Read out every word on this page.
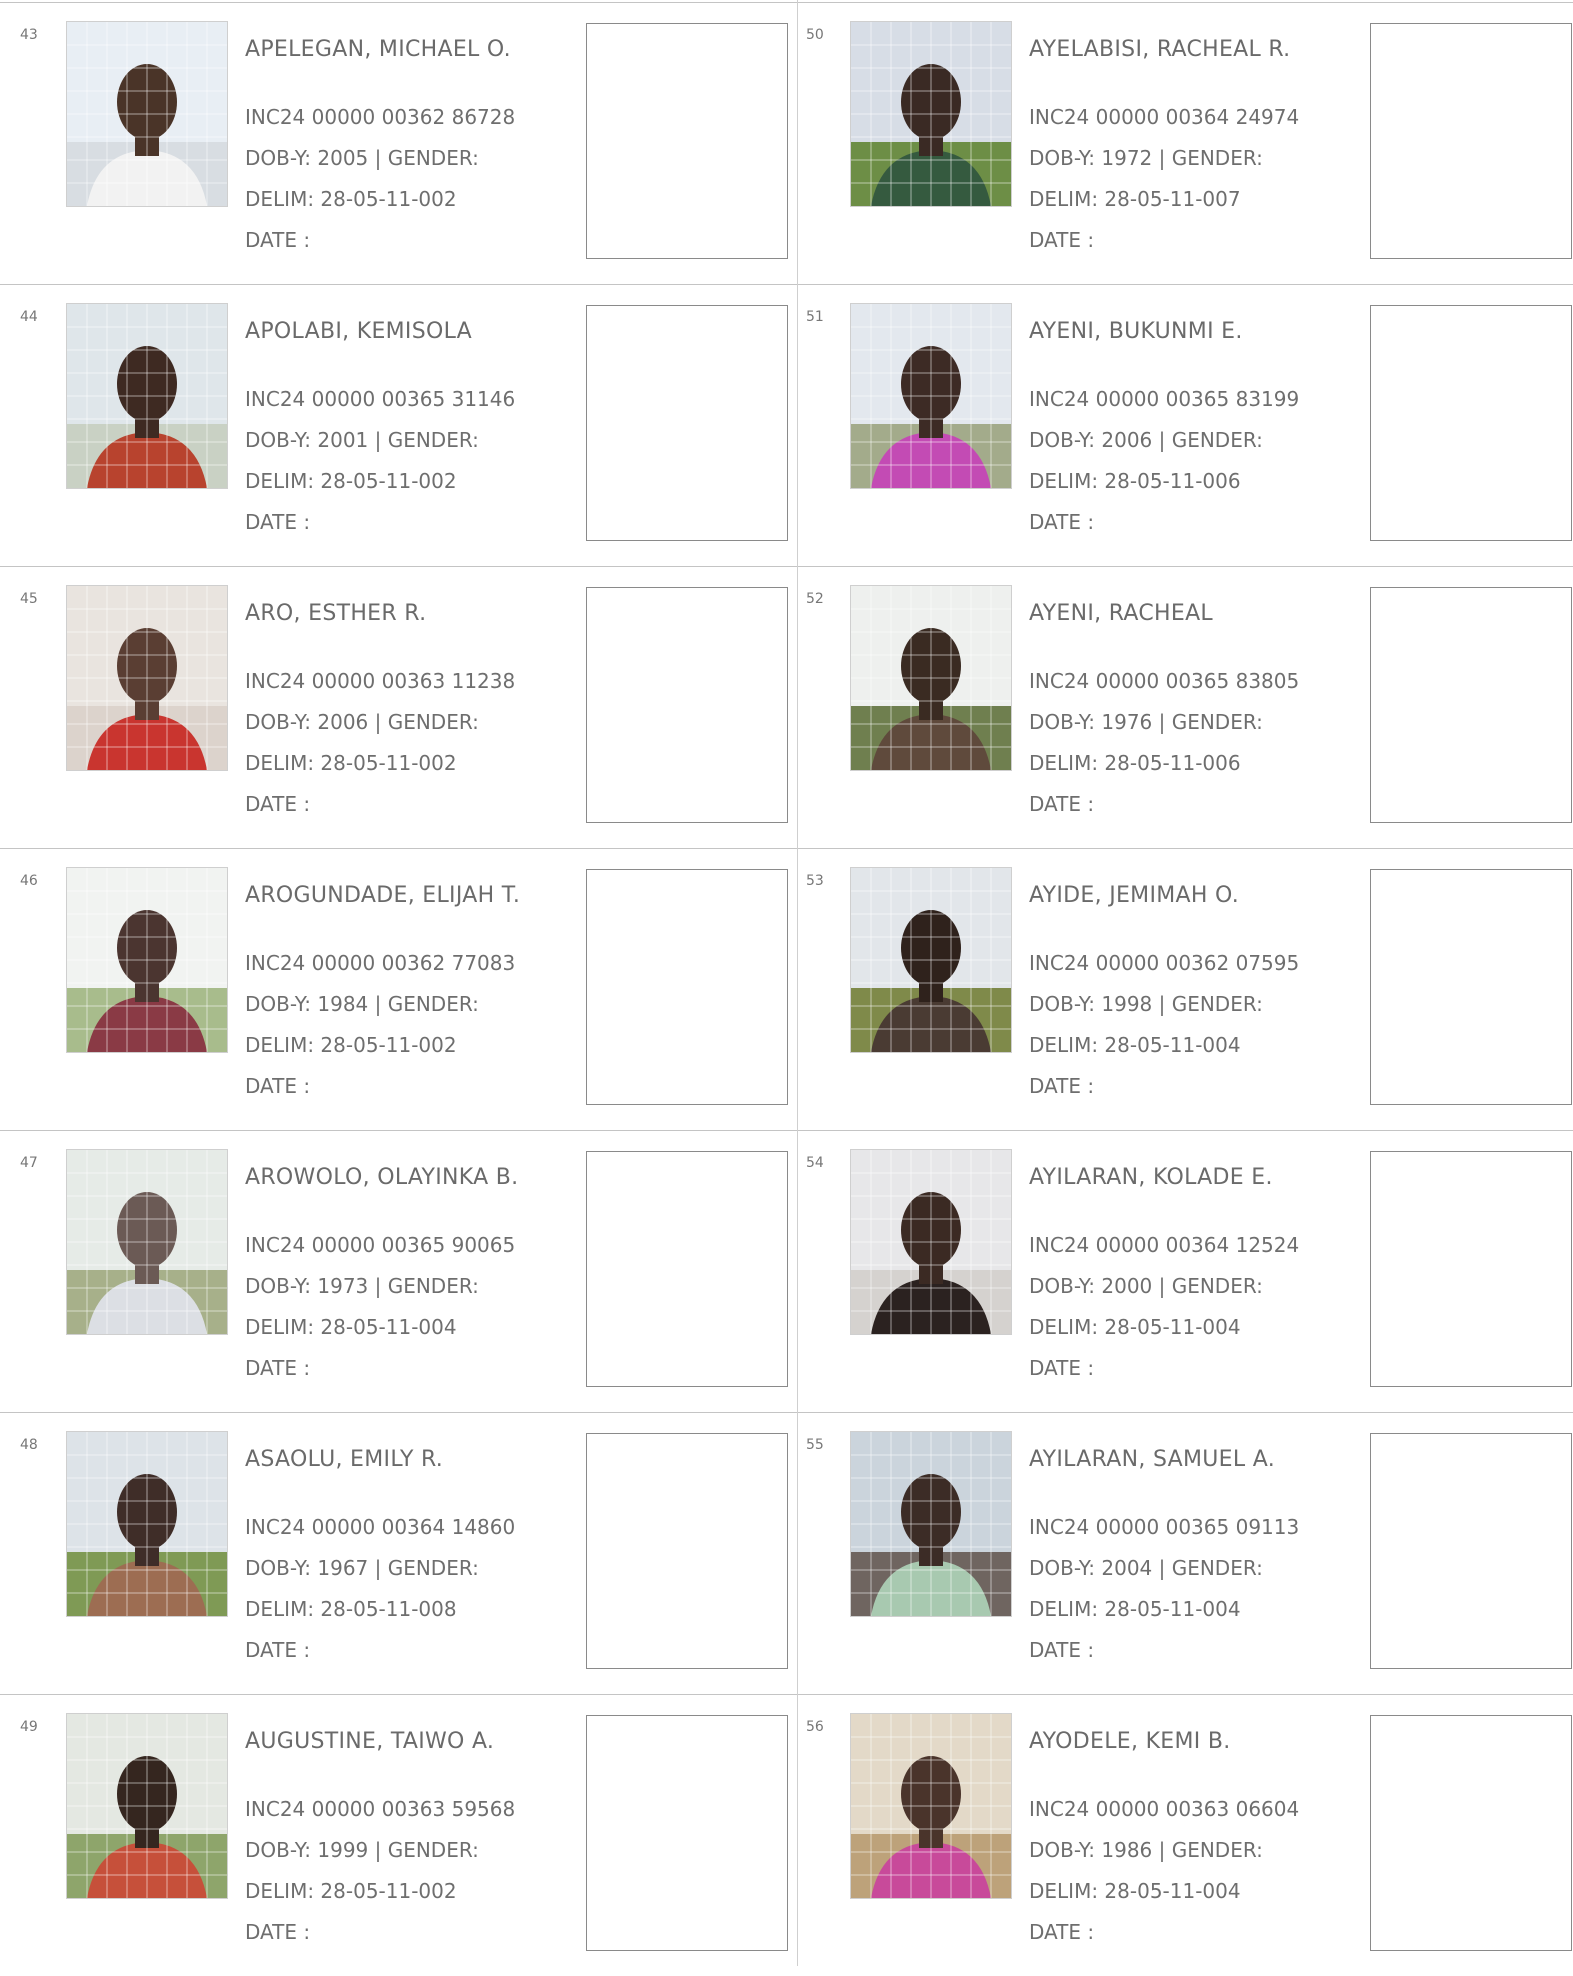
43
APELEGAN, MICHAEL O.
INC24 00000 00362 86728
DOB-Y: 2005 | GENDER:
DELIM: 28-05-11-002
DATE :
44
APOLABI, KEMISOLA
INC24 00000 00365 31146
DOB-Y: 2001 | GENDER:
DELIM: 28-05-11-002
DATE :
45
ARO, ESTHER R.
INC24 00000 00363 11238
DOB-Y: 2006 | GENDER:
DELIM: 28-05-11-002
DATE :
46
AROGUNDADE, ELIJAH T.
INC24 00000 00362 77083
DOB-Y: 1984 | GENDER:
DELIM: 28-05-11-002
DATE :
47
AROWOLO, OLAYINKA B.
INC24 00000 00365 90065
DOB-Y: 1973 | GENDER:
DELIM: 28-05-11-004
DATE :
48
ASAOLU, EMILY R.
INC24 00000 00364 14860
DOB-Y: 1967 | GENDER:
DELIM: 28-05-11-008
DATE :
49
AUGUSTINE, TAIWO A.
INC24 00000 00363 59568
DOB-Y: 1999 | GENDER:
DELIM: 28-05-11-002
DATE :
50
AYELABISI, RACHEAL R.
INC24 00000 00364 24974
DOB-Y: 1972 | GENDER:
DELIM: 28-05-11-007
DATE :
51
AYENI, BUKUNMI E.
INC24 00000 00365 83199
DOB-Y: 2006 | GENDER:
DELIM: 28-05-11-006
DATE :
52
AYENI, RACHEAL
INC24 00000 00365 83805
DOB-Y: 1976 | GENDER:
DELIM: 28-05-11-006
DATE :
53
AYIDE, JEMIMAH O.
INC24 00000 00362 07595
DOB-Y: 1998 | GENDER:
DELIM: 28-05-11-004
DATE :
54
AYILARAN, KOLADE E.
INC24 00000 00364 12524
DOB-Y: 2000 | GENDER:
DELIM: 28-05-11-004
DATE :
55
AYILARAN, SAMUEL A.
INC24 00000 00365 09113
DOB-Y: 2004 | GENDER:
DELIM: 28-05-11-004
DATE :
56
AYODELE, KEMI B.
INC24 00000 00363 06604
DOB-Y: 1986 | GENDER:
DELIM: 28-05-11-004
DATE :
